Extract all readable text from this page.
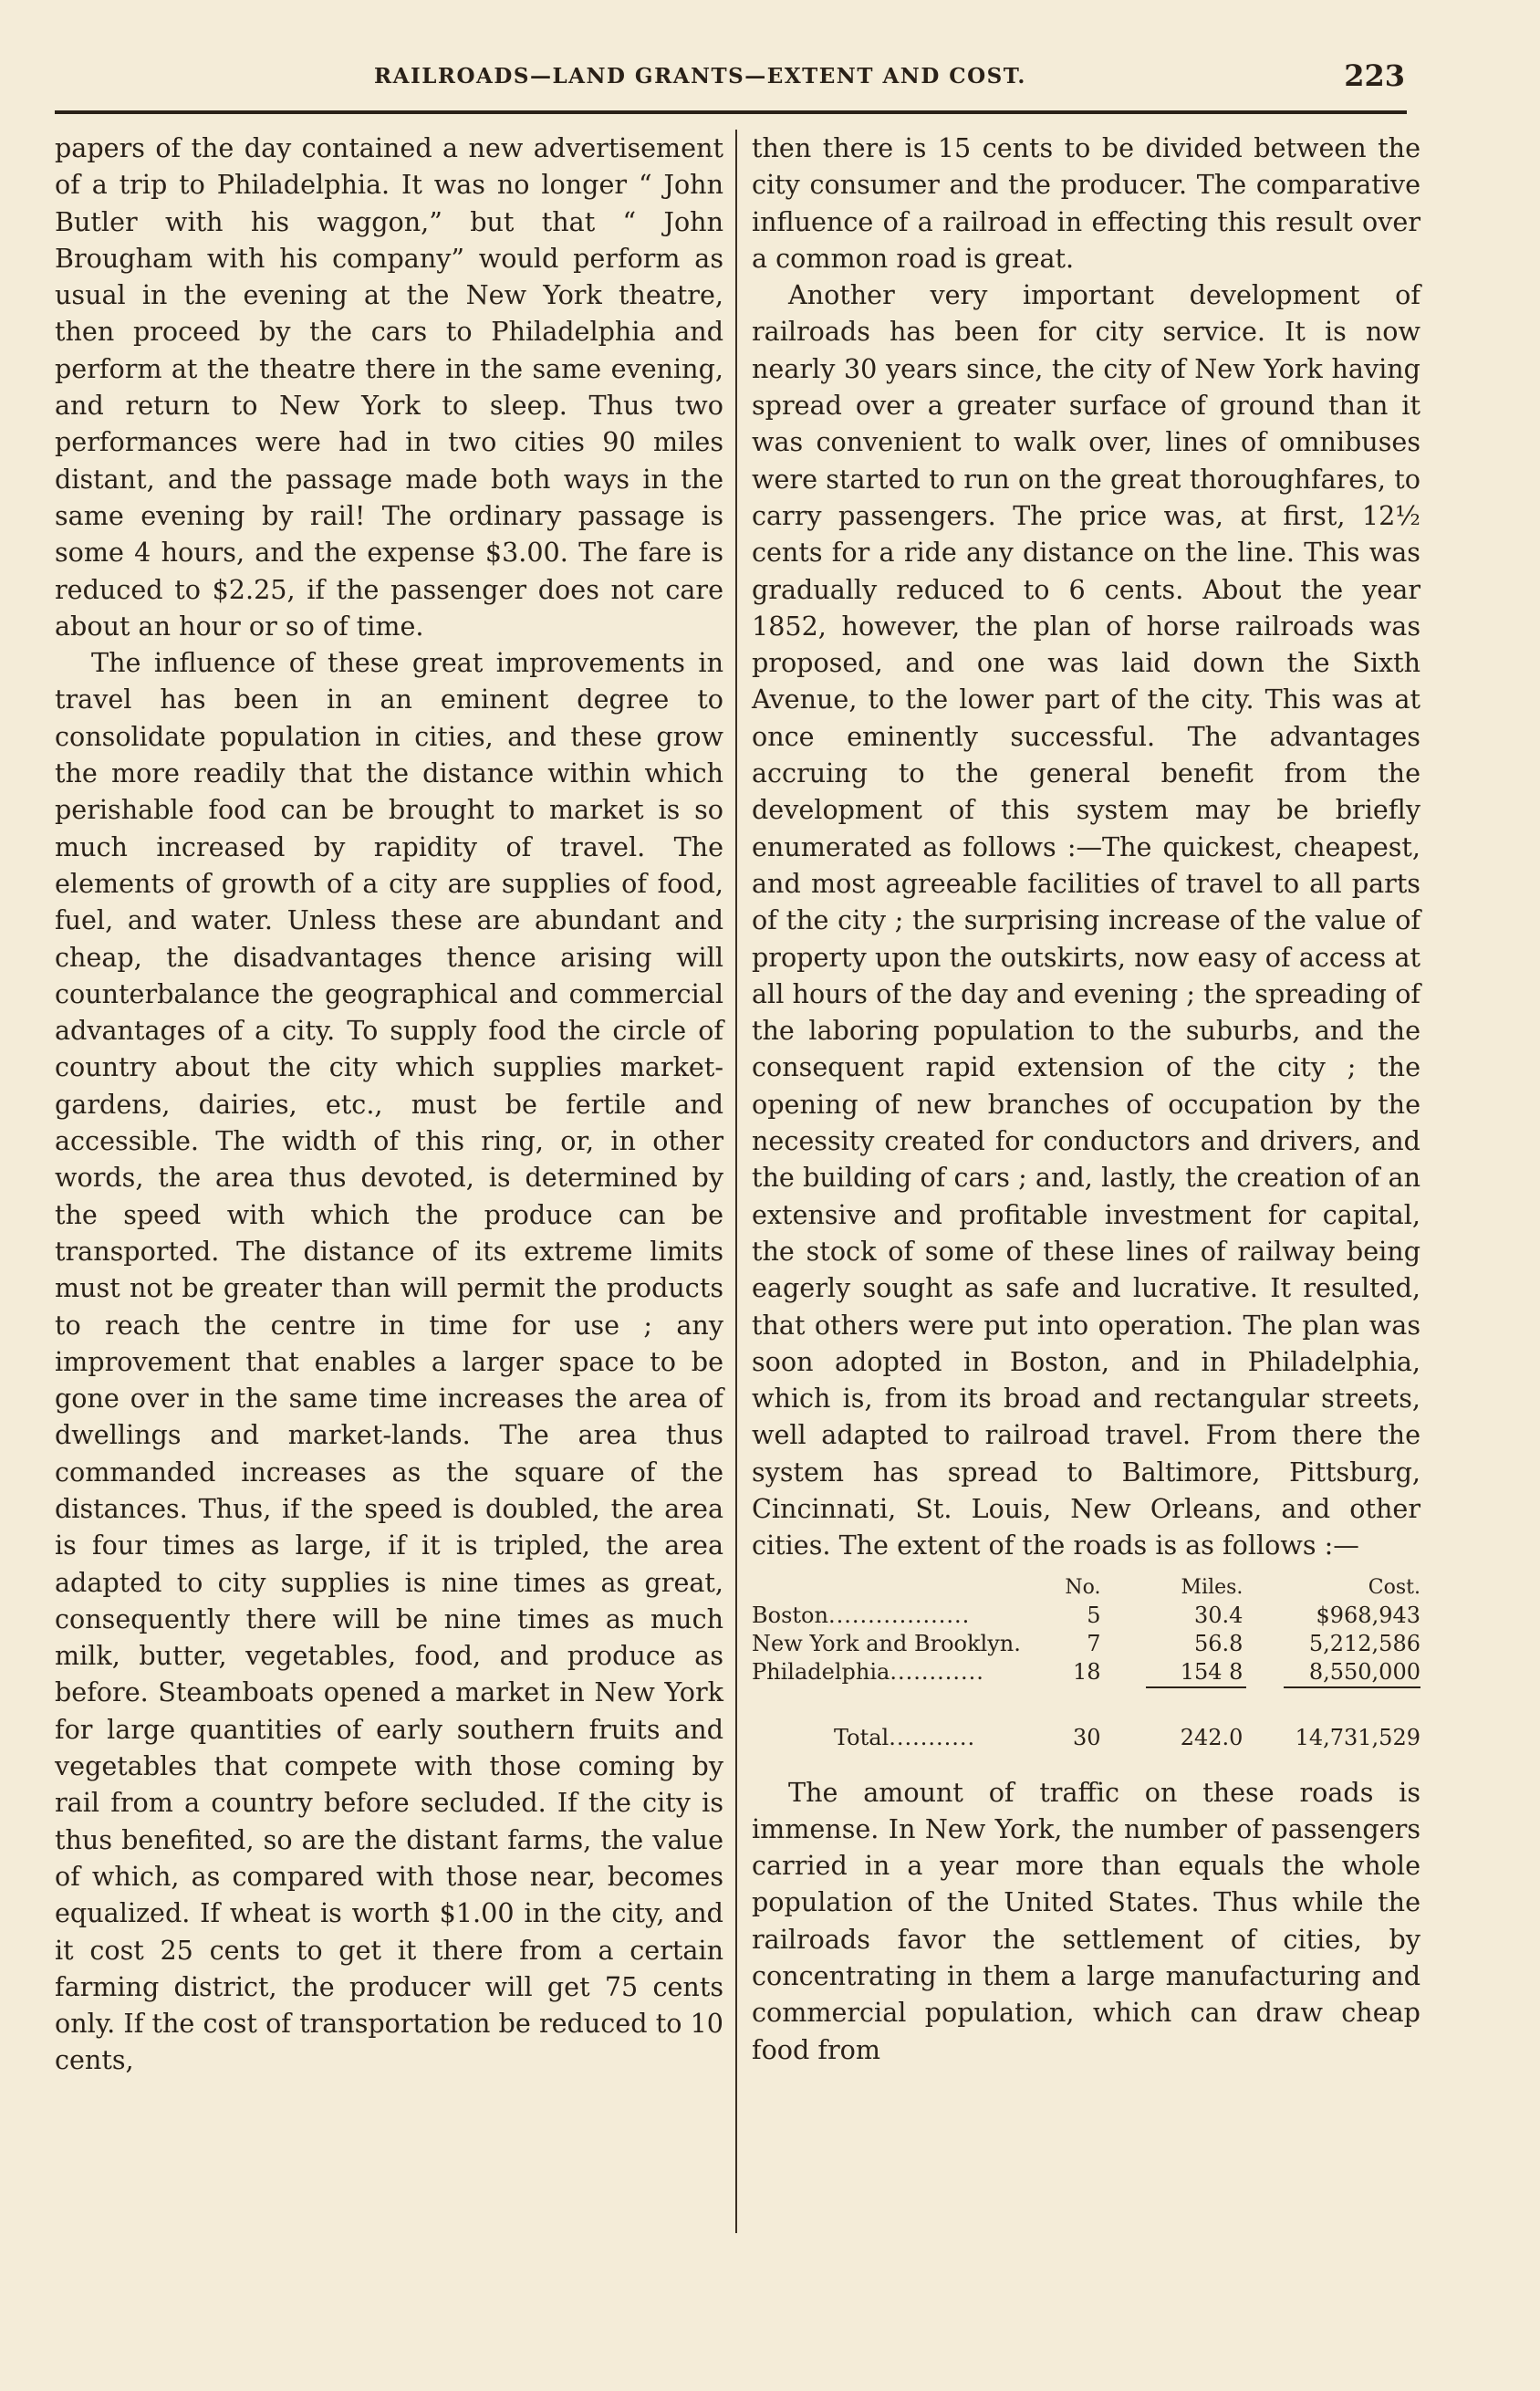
RAILROADS—LAND GRANTS—EXTENT AND COST.	223

papers of the day contained a new advertisement of a trip to Philadelphia. It was no longer “ John Butler with his waggon,” but that “ John Brougham with his company” would perform as usual in the evening at the New York theatre, then proceed by the cars to Philadelphia and perform at the theatre there in the same evening, and return to New York to sleep. Thus two performances were had in two cities 90 miles distant, and the passage made both ways in the same evening by rail! The ordinary passage is some 4 hours, and the expense $3.00. The fare is reduced to $2.25, if the passenger does not care about an hour or so of time.

The influence of these great improvements in travel has been in an eminent degree to consolidate population in cities, and these grow the more readily that the distance within which perishable food can be brought to market is so much increased by rapidity of travel. The elements of growth of a city are supplies of food, fuel, and water. Unless these are abundant and cheap, the disadvantages thence arising will counterbalance the geographical and commercial advantages of a city. To supply food the circle of country about the city which supplies market-gardens, dairies, etc., must be fertile and accessible. The width of this ring, or, in other words, the area thus devoted, is determined by the speed with which the produce can be transported. The distance of its extreme limits must not be greater than will permit the products to reach the centre in time for use ; any improvement that enables a larger space to be gone over in the same time increases the area of dwellings and market-lands. The area thus commanded increases as the square of the distances. Thus, if the speed is doubled, the area is four times as large, if it is tripled, the area adapted to city supplies is nine times as great, consequently there will be nine times as much milk, butter, vegetables, food, and produce as before. Steamboats opened a market in New York for large quantities of early southern fruits and vegetables that compete with those coming by rail from a country before secluded. If the city is thus benefited, so are the distant farms, the value of which, as compared with those near, becomes equalized. If wheat is worth $1.00 in the city, and it cost 25 cents to get it there from a certain farming district, the producer will get 75 cents only. If the cost of transportation be reduced to 10 cents,

then there is 15 cents to be divided between the city consumer and the producer. The comparative influence of a railroad in effecting this result over a common road is great.

Another very important development of railroads has been for city service. It is now nearly 30 years since, the city of New York having spread over a greater surface of ground than it was convenient to walk over, lines of omnibuses were started to run on the great thoroughfares, to carry passengers. The price was, at first, 12½ cents for a ride any distance on the line. This was gradually reduced to 6 cents. About the year 1852, however, the plan of horse railroads was proposed, and one was laid down the Sixth Avenue, to the lower part of the city. This was at once eminently successful. The advantages accruing to the general benefit from the development of this system may be briefly enumerated as follows :—The quickest, cheapest, and most agreeable facilities of travel to all parts of the city ; the surprising increase of the value of property upon the outskirts, now easy of access at all hours of the day and evening ; the spreading of the laboring population to the suburbs, and the consequent rapid extension of the city ; the opening of new branches of occupation by the necessity created for conductors and drivers, and the building of cars ; and, lastly, the creation of an extensive and profitable investment for capital, the stock of some of these lines of railway being eagerly sought as safe and lucrative. It resulted, that others were put into operation. The plan was soon adopted in Boston, and in Philadelphia, which is, from its broad and rectangular streets, well adapted to railroad travel. From there the system has spread to Baltimore, Pittsburg, Cincinnati, St. Louis, New Orleans, and other cities. The extent of the roads is as follows :—

	No.	Miles.	Cost.
Boston..................	5	30.4	$968,943
New York and Brooklyn.	7	56.8	5,212,586
Philadelphia............	18	154 8	8,550,000

Total...........	30	242.0	14,731,529

The amount of traffic on these roads is immense. In New York, the number of passengers carried in a year more than equals the whole population of the United States. Thus while the railroads favor the settlement of cities, by concentrating in them a large manufacturing and commercial population, which can draw cheap food from
